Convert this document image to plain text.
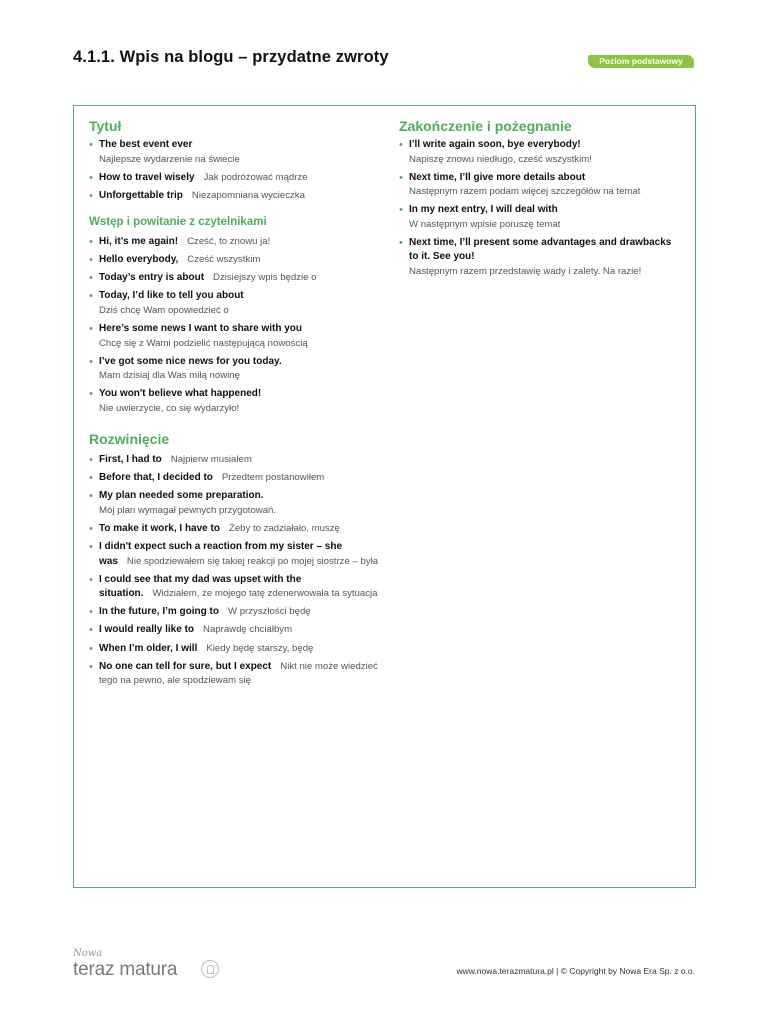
4.1.1. Wpis na blogu – przydatne zwroty	Poziom podstawowy
Tytuł
• The best event ever
Najlepsze wydarzenie na świecie
• How to travel wisely Jak podróżować mądrze
• Unforgettable trip Niezapomniana wycieczka
Wstęp i powitanie z czytelnikami
• Hi, it’s me again! Cześć, to znowu ja!
• Hello everybody, Cześć wszystkim
• Today’s entry is about Dzisiejszy wpis będzie o
• Today, I’d like to tell you about
Dziś chcę Wam opowiedzieć o
• Here’s some news I want to share with you
Chcę się z Wami podzielić następującą nowością
• I’ve got some nice news for you today.
Mam dzisiaj dla Was miłą nowinę
• You won't believe what happened!
Nie uwierzycie, co się wydarzyło!
Rozwinięcie
• First, I had to Najpierw musiałem
• Before that, I decided to Przedtem postanowiłem
• My plan needed some preparation.
Mój plan wymagał pewnych przygotowań.
• To make it work, I have to Żeby to zadziałało, muszę
• I didn't expect such a reaction from my sister – she was Nie spodziewałem się takiej reakcji po mojej siostrze – była
• I could see that my dad was upset with the situation. Widziałem, że mojego tatę zdenerwowała ta sytuacja
• In the future, I’m going to W przyszłości będę
• I would really like to Naprawdę chciałbym
• When I’m older, I will Kiedy będę starszy, będę
• No one can tell for sure, but I expect Nikt nie może wiedzieć tego na pewno, ale spodziewam się
Zakończenie i pożegnanie
• I’ll write again soon, bye everybody!
Napiszę znowu niedługo, cześć wszystkim!
• Next time, I’ll give more details about
Następnym razem podam więcej szczegółów na temat
• In my next entry, I will deal with
W następnym wpisie poruszę temat
• Next time, I’ll present some advantages and drawbacks to it. See you!
Następnym razem przedstawię wady i zalety. Na razie!
Nowa
teraz matura	www.nowa.terazmatura.pl | © Copyright by Nowa Era Sp. z o.o.
